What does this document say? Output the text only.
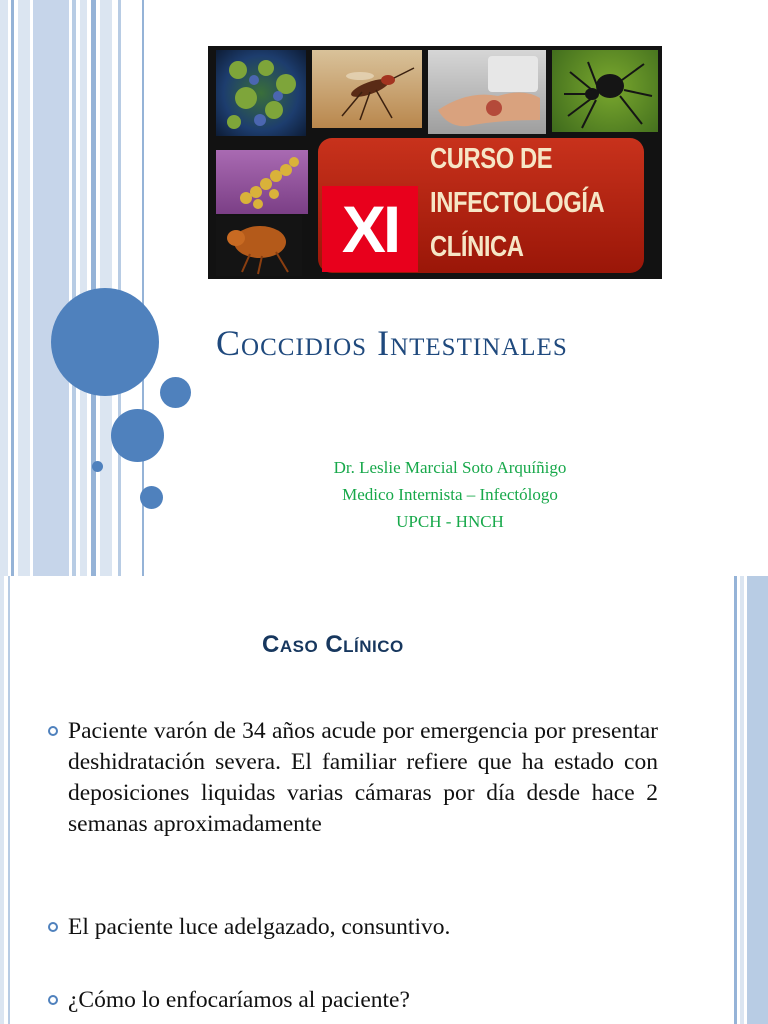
XI
CURSO DE
INFECTOLOGÍA
CLÍNICA
Coccidios Intestinales
Dr. Leslie Marcial Soto Arquíñigo
Medico Internista – Infectólogo
UPCH - HNCH
Caso Clínico
Paciente varón de 34 años acude por emergencia por presentar deshidratación severa. El familiar refiere que ha estado con deposiciones liquidas varias cámaras por día desde hace 2 semanas aproximadamente
El paciente luce adelgazado, consuntivo.
¿Cómo lo enfocaríamos al paciente?
